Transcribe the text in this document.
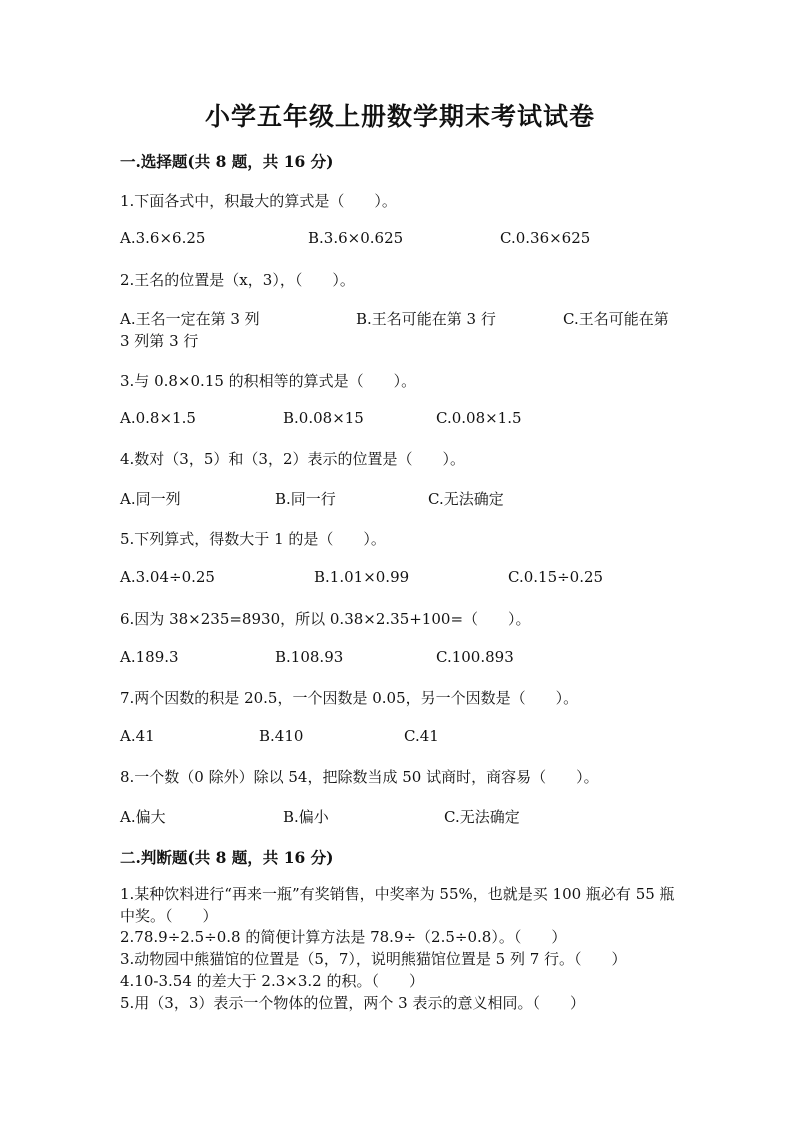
小学五年级上册数学期末考试试卷
一.选择题(共 8 题，共 16 分)
1.下面各式中，积最大的算式是（　　）。
A.3.6×6.25	B.3.6×0.625	C.0.36×625
2.王名的位置是（x，3），（　　）。
A.王名一定在第 3 列	B.王名可能在第 3 行	C.王名可能在第
3 列第 3 行
3.与 0.8×0.15 的积相等的算式是（　　）。
A.0.8×1.5	B.0.08×15	C.0.08×1.5
4.数对（3，5）和（3，2）表示的位置是（　　）。
A.同一列	B.同一行	C.无法确定
5.下列算式，得数大于 1 的是（　　）。
A.3.04÷0.25	B.1.01×0.99	C.0.15÷0.25
6.因为 38×235=8930，所以 0.38×2.35+100=（　　）。
A.189.3	B.108.93	C.100.893
7.两个因数的积是 20.5，一个因数是 0.05，另一个因数是（　　）。
A.41	B.410	C.41
8.一个数（0 除外）除以 54，把除数当成 50 试商时，商容易（　　）。
A.偏大	B.偏小	C.无法确定
二.判断题(共 8 题，共 16 分)
1.某种饮料进行“再来一瓶”有奖销售，中奖率为 55%，也就是买 100 瓶必有 55 瓶中奖。（　　）
2.78.9÷2.5÷0.8 的简便计算方法是 78.9÷（2.5÷0.8）。（　　）
3.动物园中熊猫馆的位置是（5，7），说明熊猫馆位置是 5 列 7 行。（　　）
4.10-3.54 的差大于 2.3×3.2 的积。（　　）
5.用（3，3）表示一个物体的位置，两个 3 表示的意义相同。（　　）
